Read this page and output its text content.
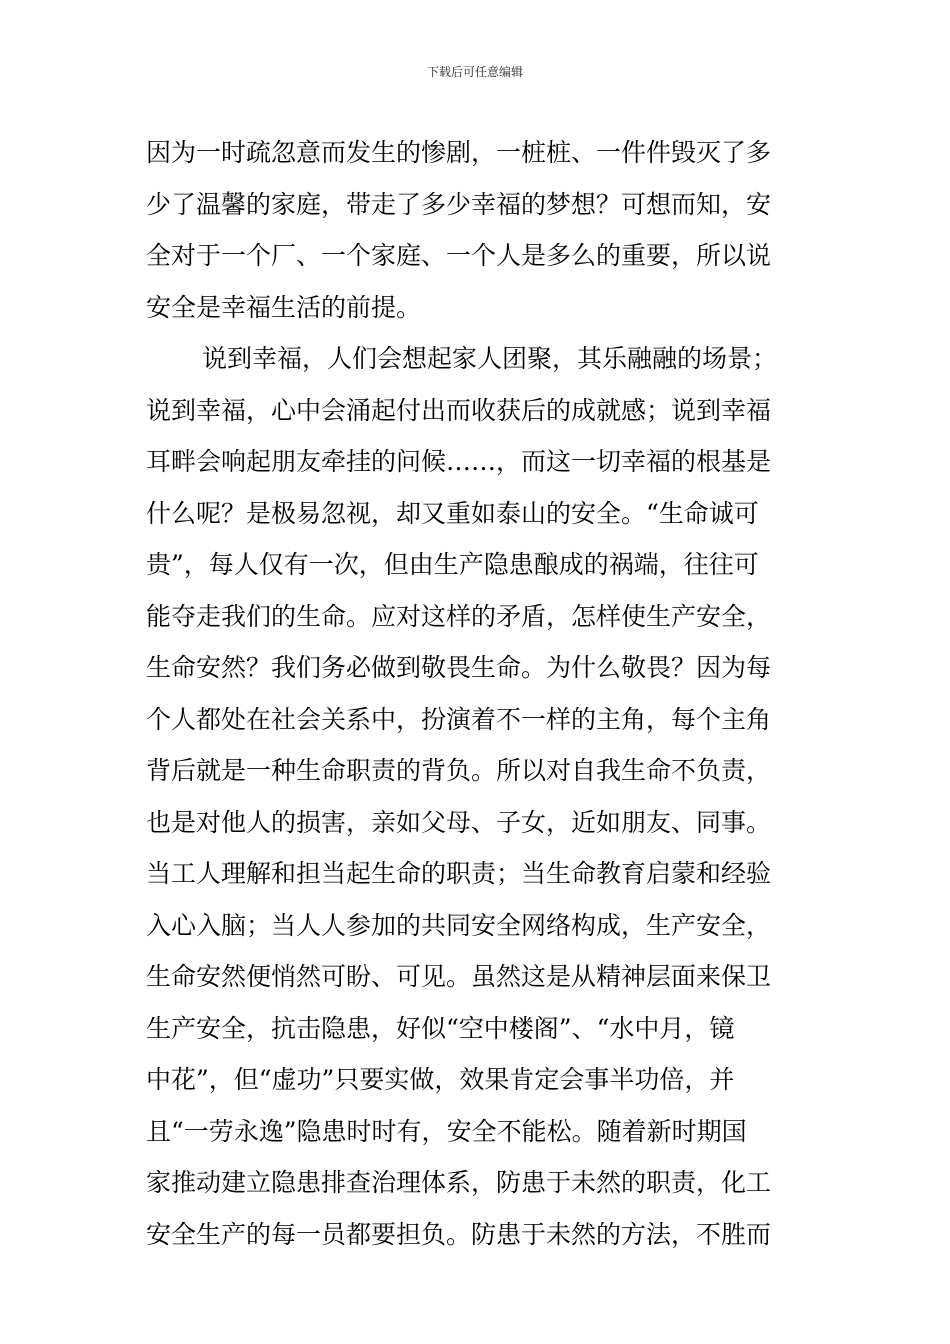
下载后可任意编辑
因为一时疏忽意而发生的惨剧，一桩桩、一件件毁灭了多
少了温馨的家庭，带走了多少幸福的梦想？可想而知，安
全对于一个厂、一个家庭、一个人是多么的重要，所以说
安全是幸福生活的前提。
说到幸福，人们会想起家人团聚，其乐融融的场景；
说到幸福，心中会涌起付出而收获后的成就感；说到幸福
耳畔会响起朋友牵挂的问候……，而这一切幸福的根基是
什么呢？是极易忽视，却又重如泰山的安全。“生命诚可
贵”，每人仅有一次，但由生产隐患酿成的祸端，往往可
能夺走我们的生命。应对这样的矛盾，怎样使生产安全，
生命安然？我们务必做到敬畏生命。为什么敬畏？因为每
个人都处在社会关系中，扮演着不一样的主角，每个主角
背后就是一种生命职责的背负。所以对自我生命不负责，
也是对他人的损害，亲如父母、子女，近如朋友、同事。
当工人理解和担当起生命的职责；当生命教育启蒙和经验
入心入脑；当人人参加的共同安全网络构成，生产安全，
生命安然便悄然可盼、可见。虽然这是从精神层面来保卫
生产安全，抗击隐患，好似“空中楼阁”、“水中月，镜
中花”，但“虚功”只要实做，效果肯定会事半功倍，并
且“一劳永逸”隐患时时有，安全不能松。随着新时期国
家推动建立隐患排查治理体系，防患于未然的职责，化工
安全生产的每一员都要担负。防患于未然的方法，不胜而
